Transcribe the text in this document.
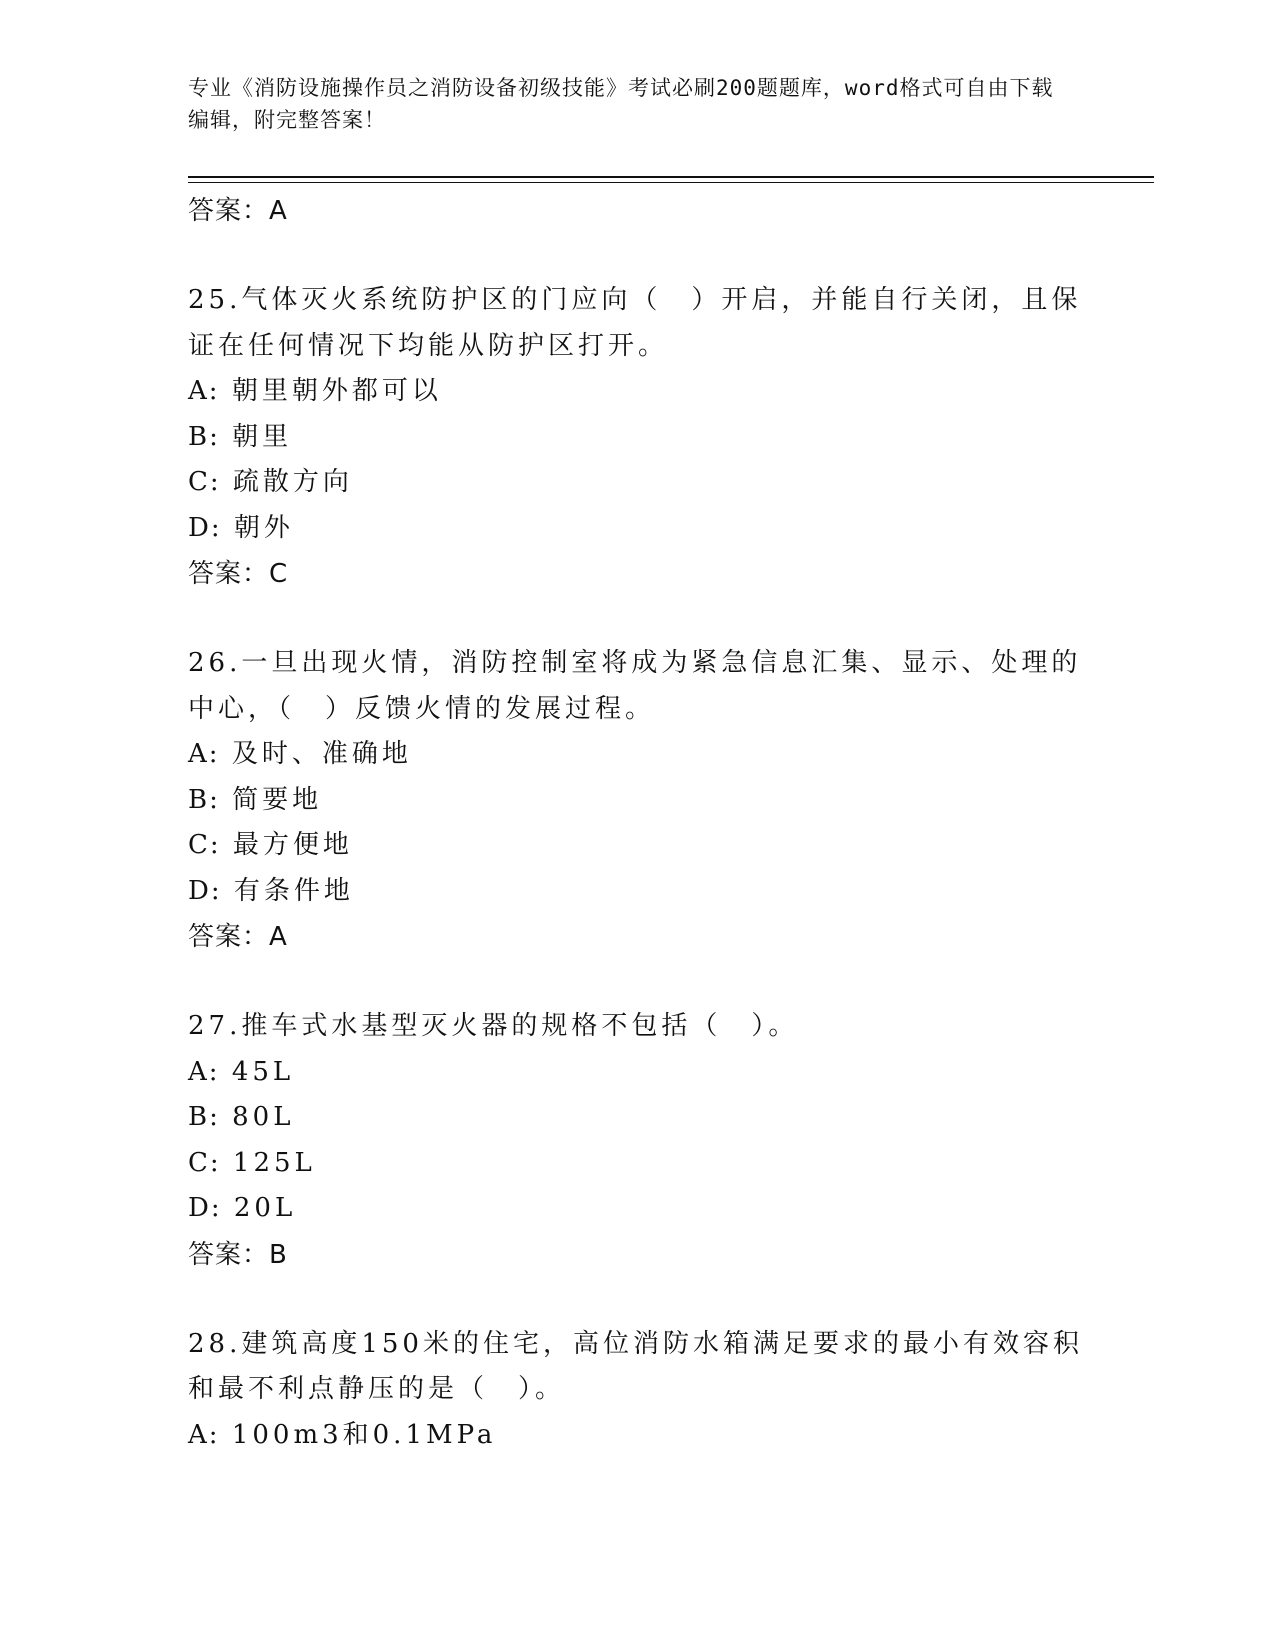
专业《消防设施操作员之消防设备初级技能》考试必刷200题题库，word格式可自由下载编辑，附完整答案！
答案：A

25.气体灭火系统防护区的门应向（　）开启，并能自行关闭，且保证在任何情况下均能从防护区打开。

A: 朝里朝外都可以
B: 朝里
C: 疏散方向
D: 朝外
答案：C

26.一旦出现火情，消防控制室将成为紧急信息汇集、显示、处理的中心，（　）反馈火情的发展过程。

A: 及时、准确地
B: 简要地
C: 最方便地
D: 有条件地
答案：A

27.推车式水基型灭火器的规格不包括（　）。

A: 45L
B: 80L
C: 125L
D: 20L
答案：B

28.建筑高度150米的住宅，高位消防水箱满足要求的最小有效容积和最不利点静压的是（　）。

A: 100m3和0.1MPa
